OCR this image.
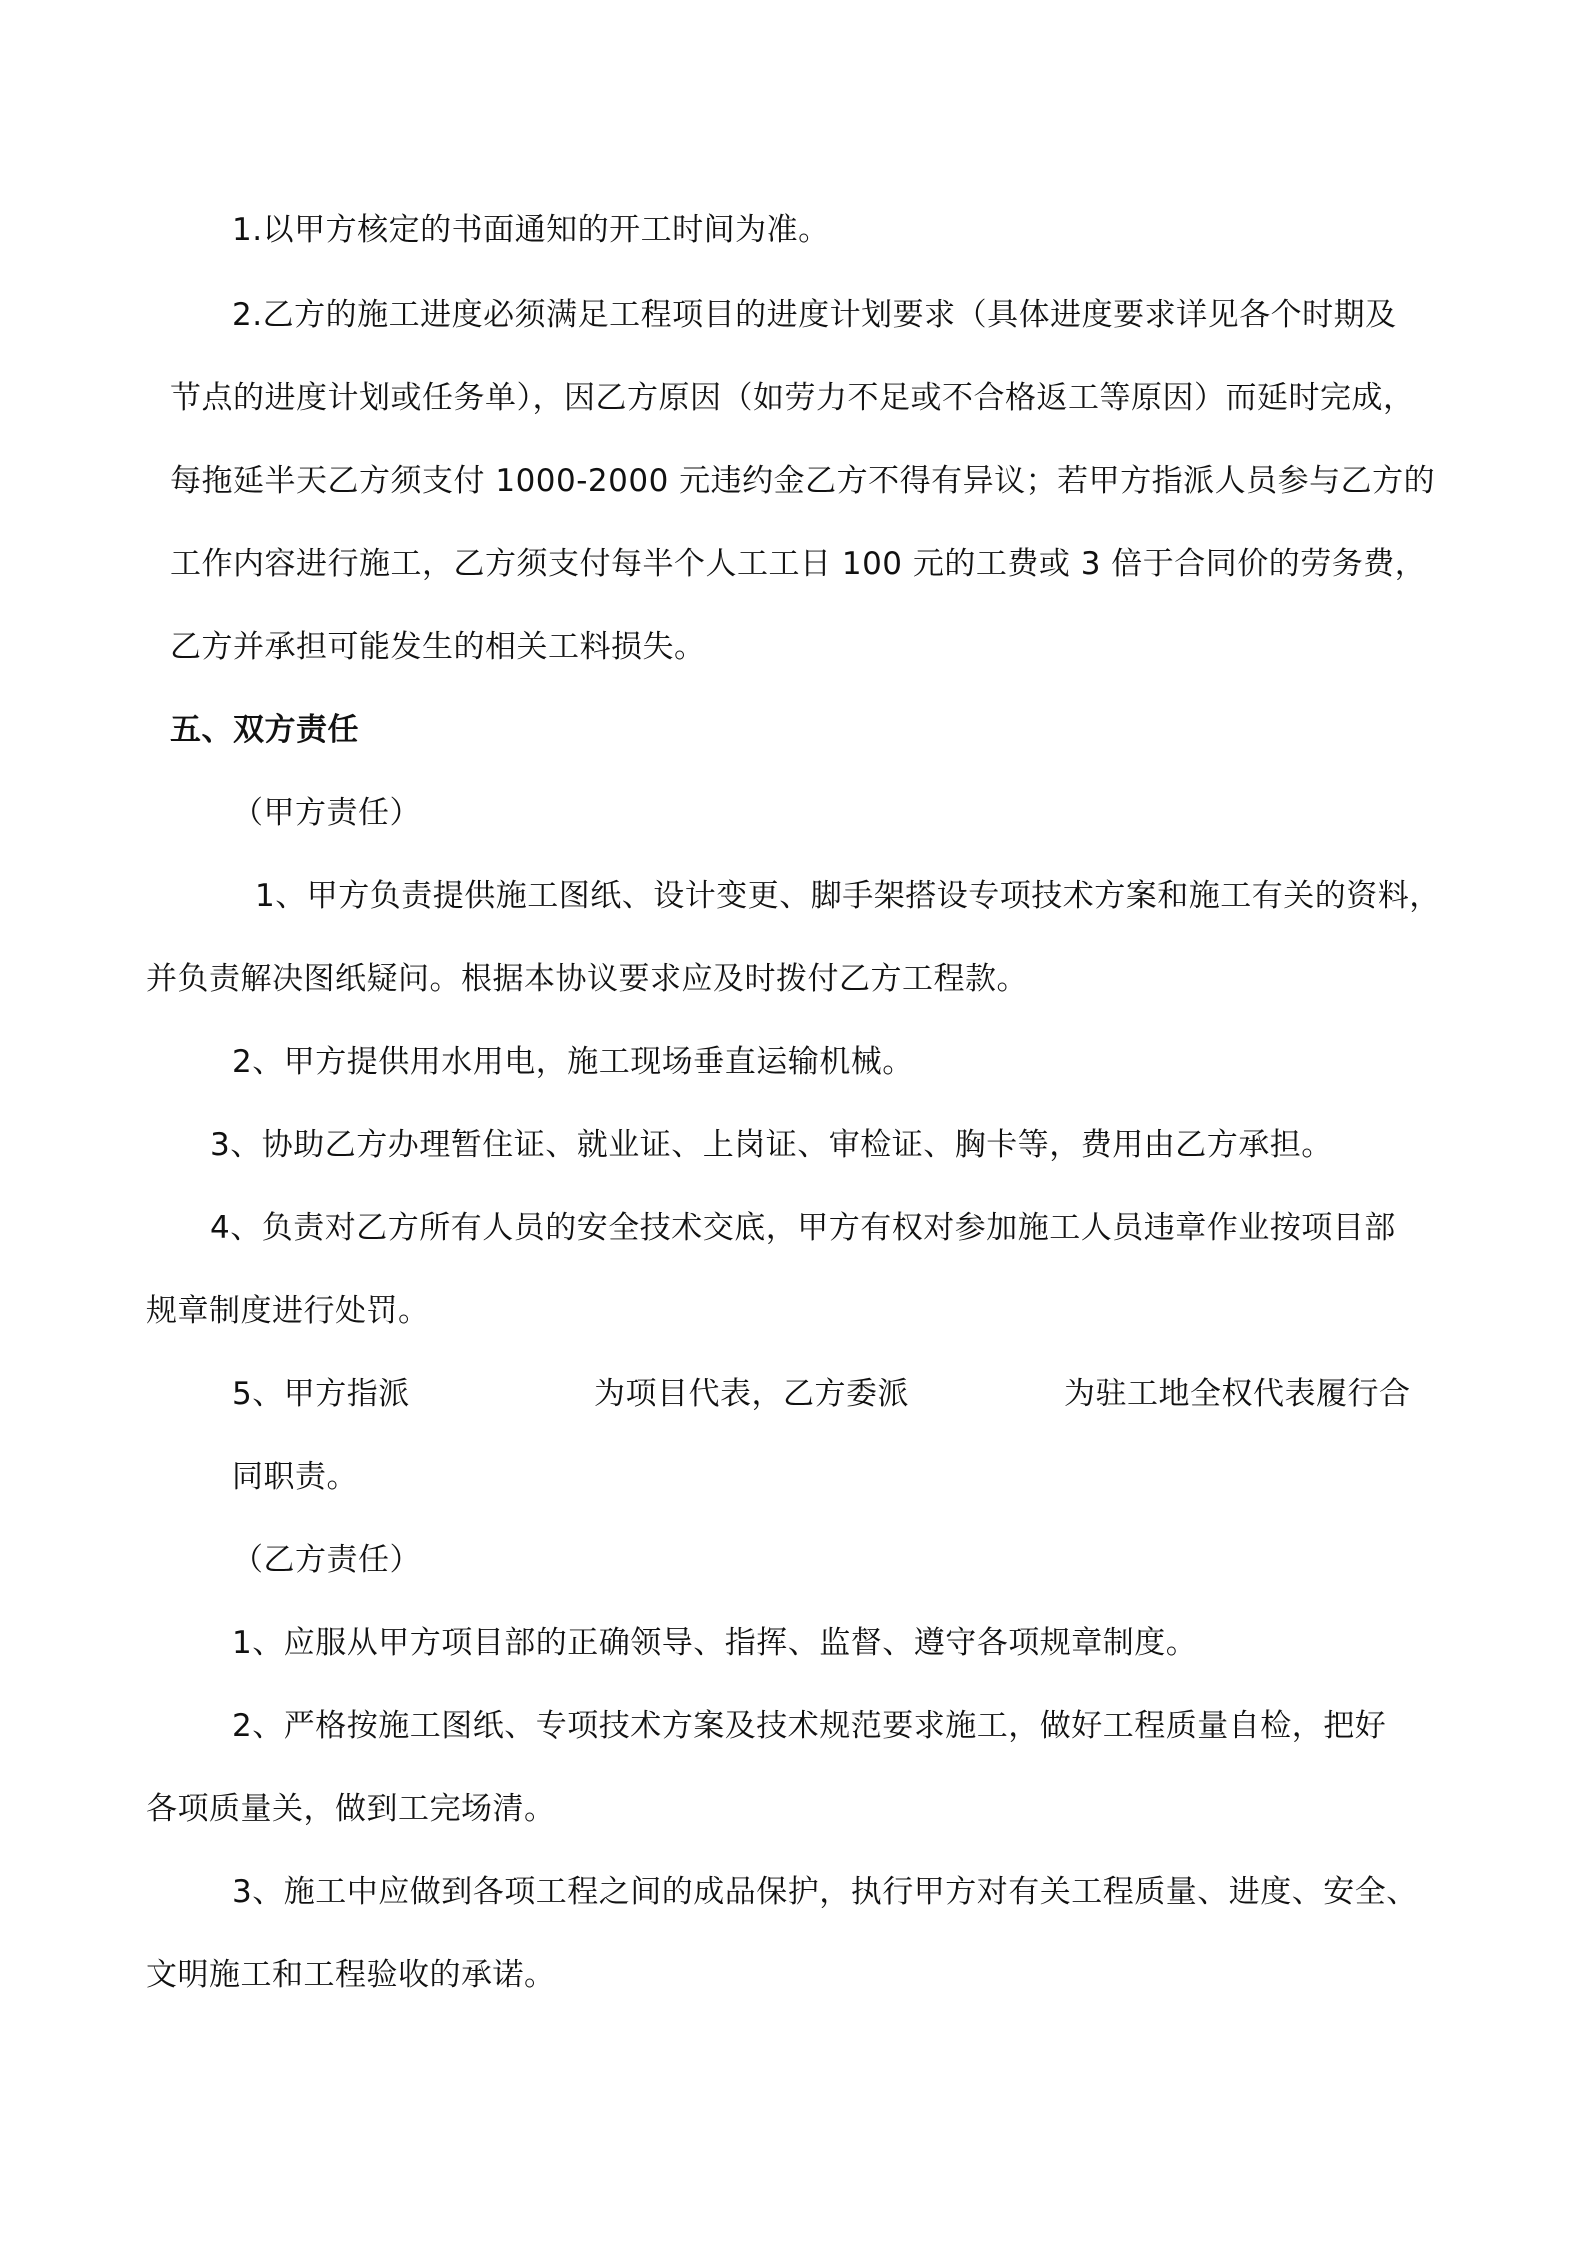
1.以甲方核定的书面通知的开工时间为准。
2.乙方的施工进度必须满足工程项目的进度计划要求（具体进度要求详见各个时期及
节点的进度计划或任务单），因乙方原因（如劳力不足或不合格返工等原因）而延时完成，
每拖延半天乙方须支付 1000-2000 元违约金乙方不得有异议；若甲方指派人员参与乙方的
工作内容进行施工，乙方须支付每半个人工工日 100 元的工费或 3 倍于合同价的劳务费，
乙方并承担可能发生的相关工料损失。
五、双方责任
（甲方责任）
1、甲方负责提供施工图纸、设计变更、脚手架搭设专项技术方案和施工有关的资料，
并负责解决图纸疑问。根据本协议要求应及时拨付乙方工程款。
2、甲方提供用水用电，施工现场垂直运输机械。
3、协助乙方办理暂住证、就业证、上岗证、审检证、胸卡等，费用由乙方承担。
4、负责对乙方所有人员的安全技术交底，甲方有权对参加施工人员违章作业按项目部
规章制度进行处罚。
5、甲方指派	为项目代表，乙方委派	为驻工地全权代表履行合
同职责。
（乙方责任）
1、应服从甲方项目部的正确领导、指挥、监督、遵守各项规章制度。
2、严格按施工图纸、专项技术方案及技术规范要求施工，做好工程质量自检，把好
各项质量关，做到工完场清。
3、施工中应做到各项工程之间的成品保护，执行甲方对有关工程质量、进度、安全、
文明施工和工程验收的承诺。
